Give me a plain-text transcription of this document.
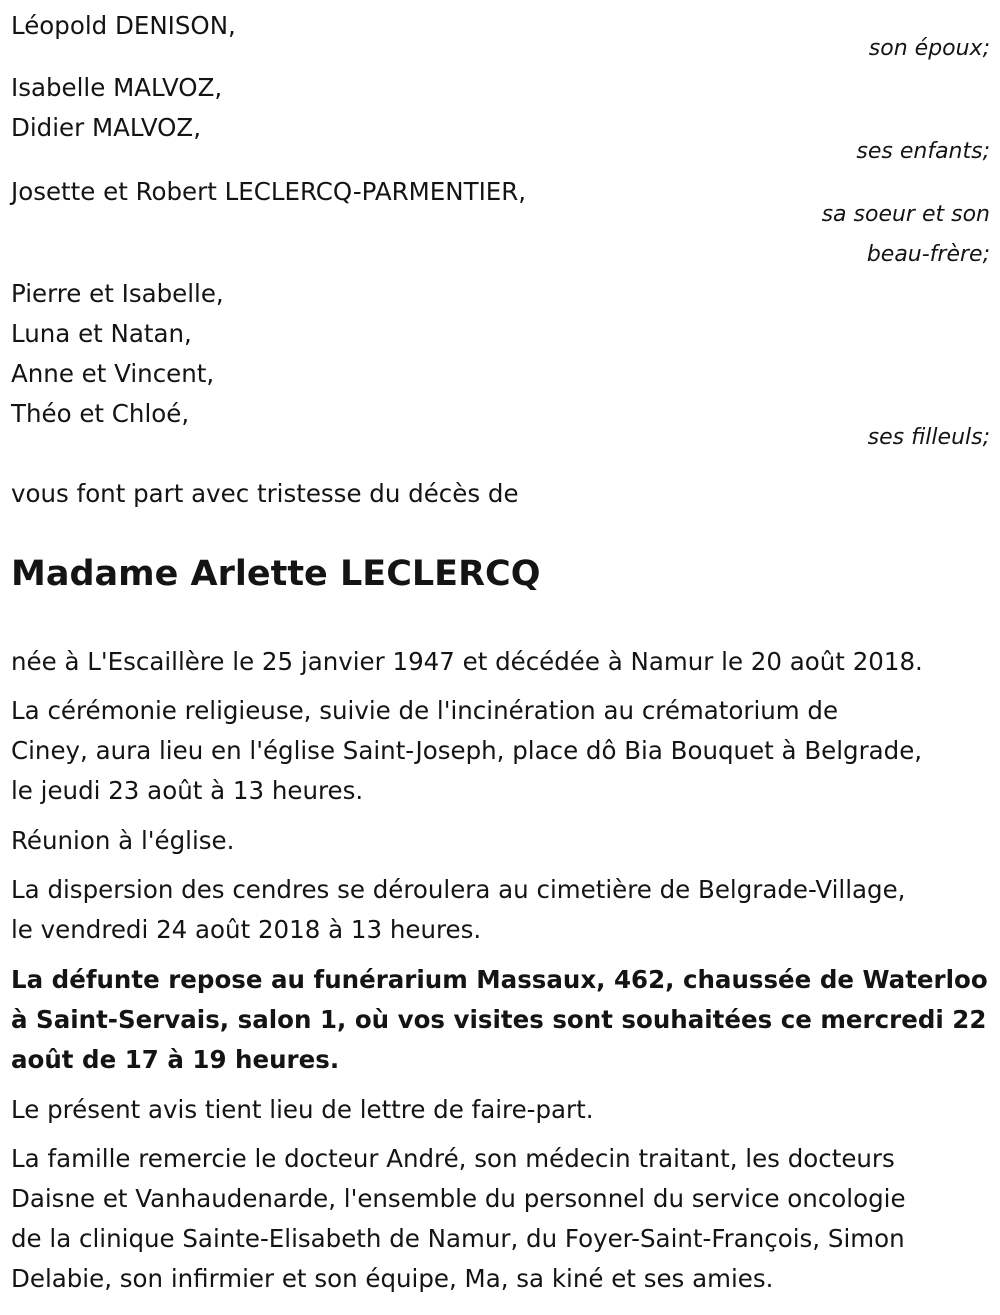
Léopold DENISON,
son époux;
Isabelle MALVOZ,
Didier MALVOZ,
ses enfants;
Josette et Robert LECLERCQ-PARMENTIER,
sa soeur et son
beau-frère;
Pierre et Isabelle,
Luna et Natan,
Anne et Vincent,
Théo et Chloé,
ses filleuls;
vous font part avec tristesse du décès de
Madame Arlette LECLERCQ
née à L'Escaillère le 25 janvier 1947 et décédée à Namur le 20 août 2018.
La cérémonie religieuse, suivie de l'incinération au crématorium de
Ciney, aura lieu en l'église Saint-Joseph, place dô Bia Bouquet à Belgrade,
le jeudi 23 août à 13 heures.
Réunion à l'église.
La dispersion des cendres se déroulera au cimetière de Belgrade-Village,
le vendredi 24 août 2018 à 13 heures.
La défunte repose au funérarium Massaux, 462, chaussée de Waterloo
à Saint-Servais, salon 1, où vos visites sont souhaitées ce mercredi 22
août de 17 à 19 heures.
Le présent avis tient lieu de lettre de faire-part.
La famille remercie le docteur André, son médecin traitant, les docteurs
Daisne et Vanhaudenarde, l'ensemble du personnel du service oncologie
de la clinique Sainte-Elisabeth de Namur, du Foyer-Saint-François, Simon
Delabie, son infirmier et son équipe, Ma, sa kiné et ses amies.
